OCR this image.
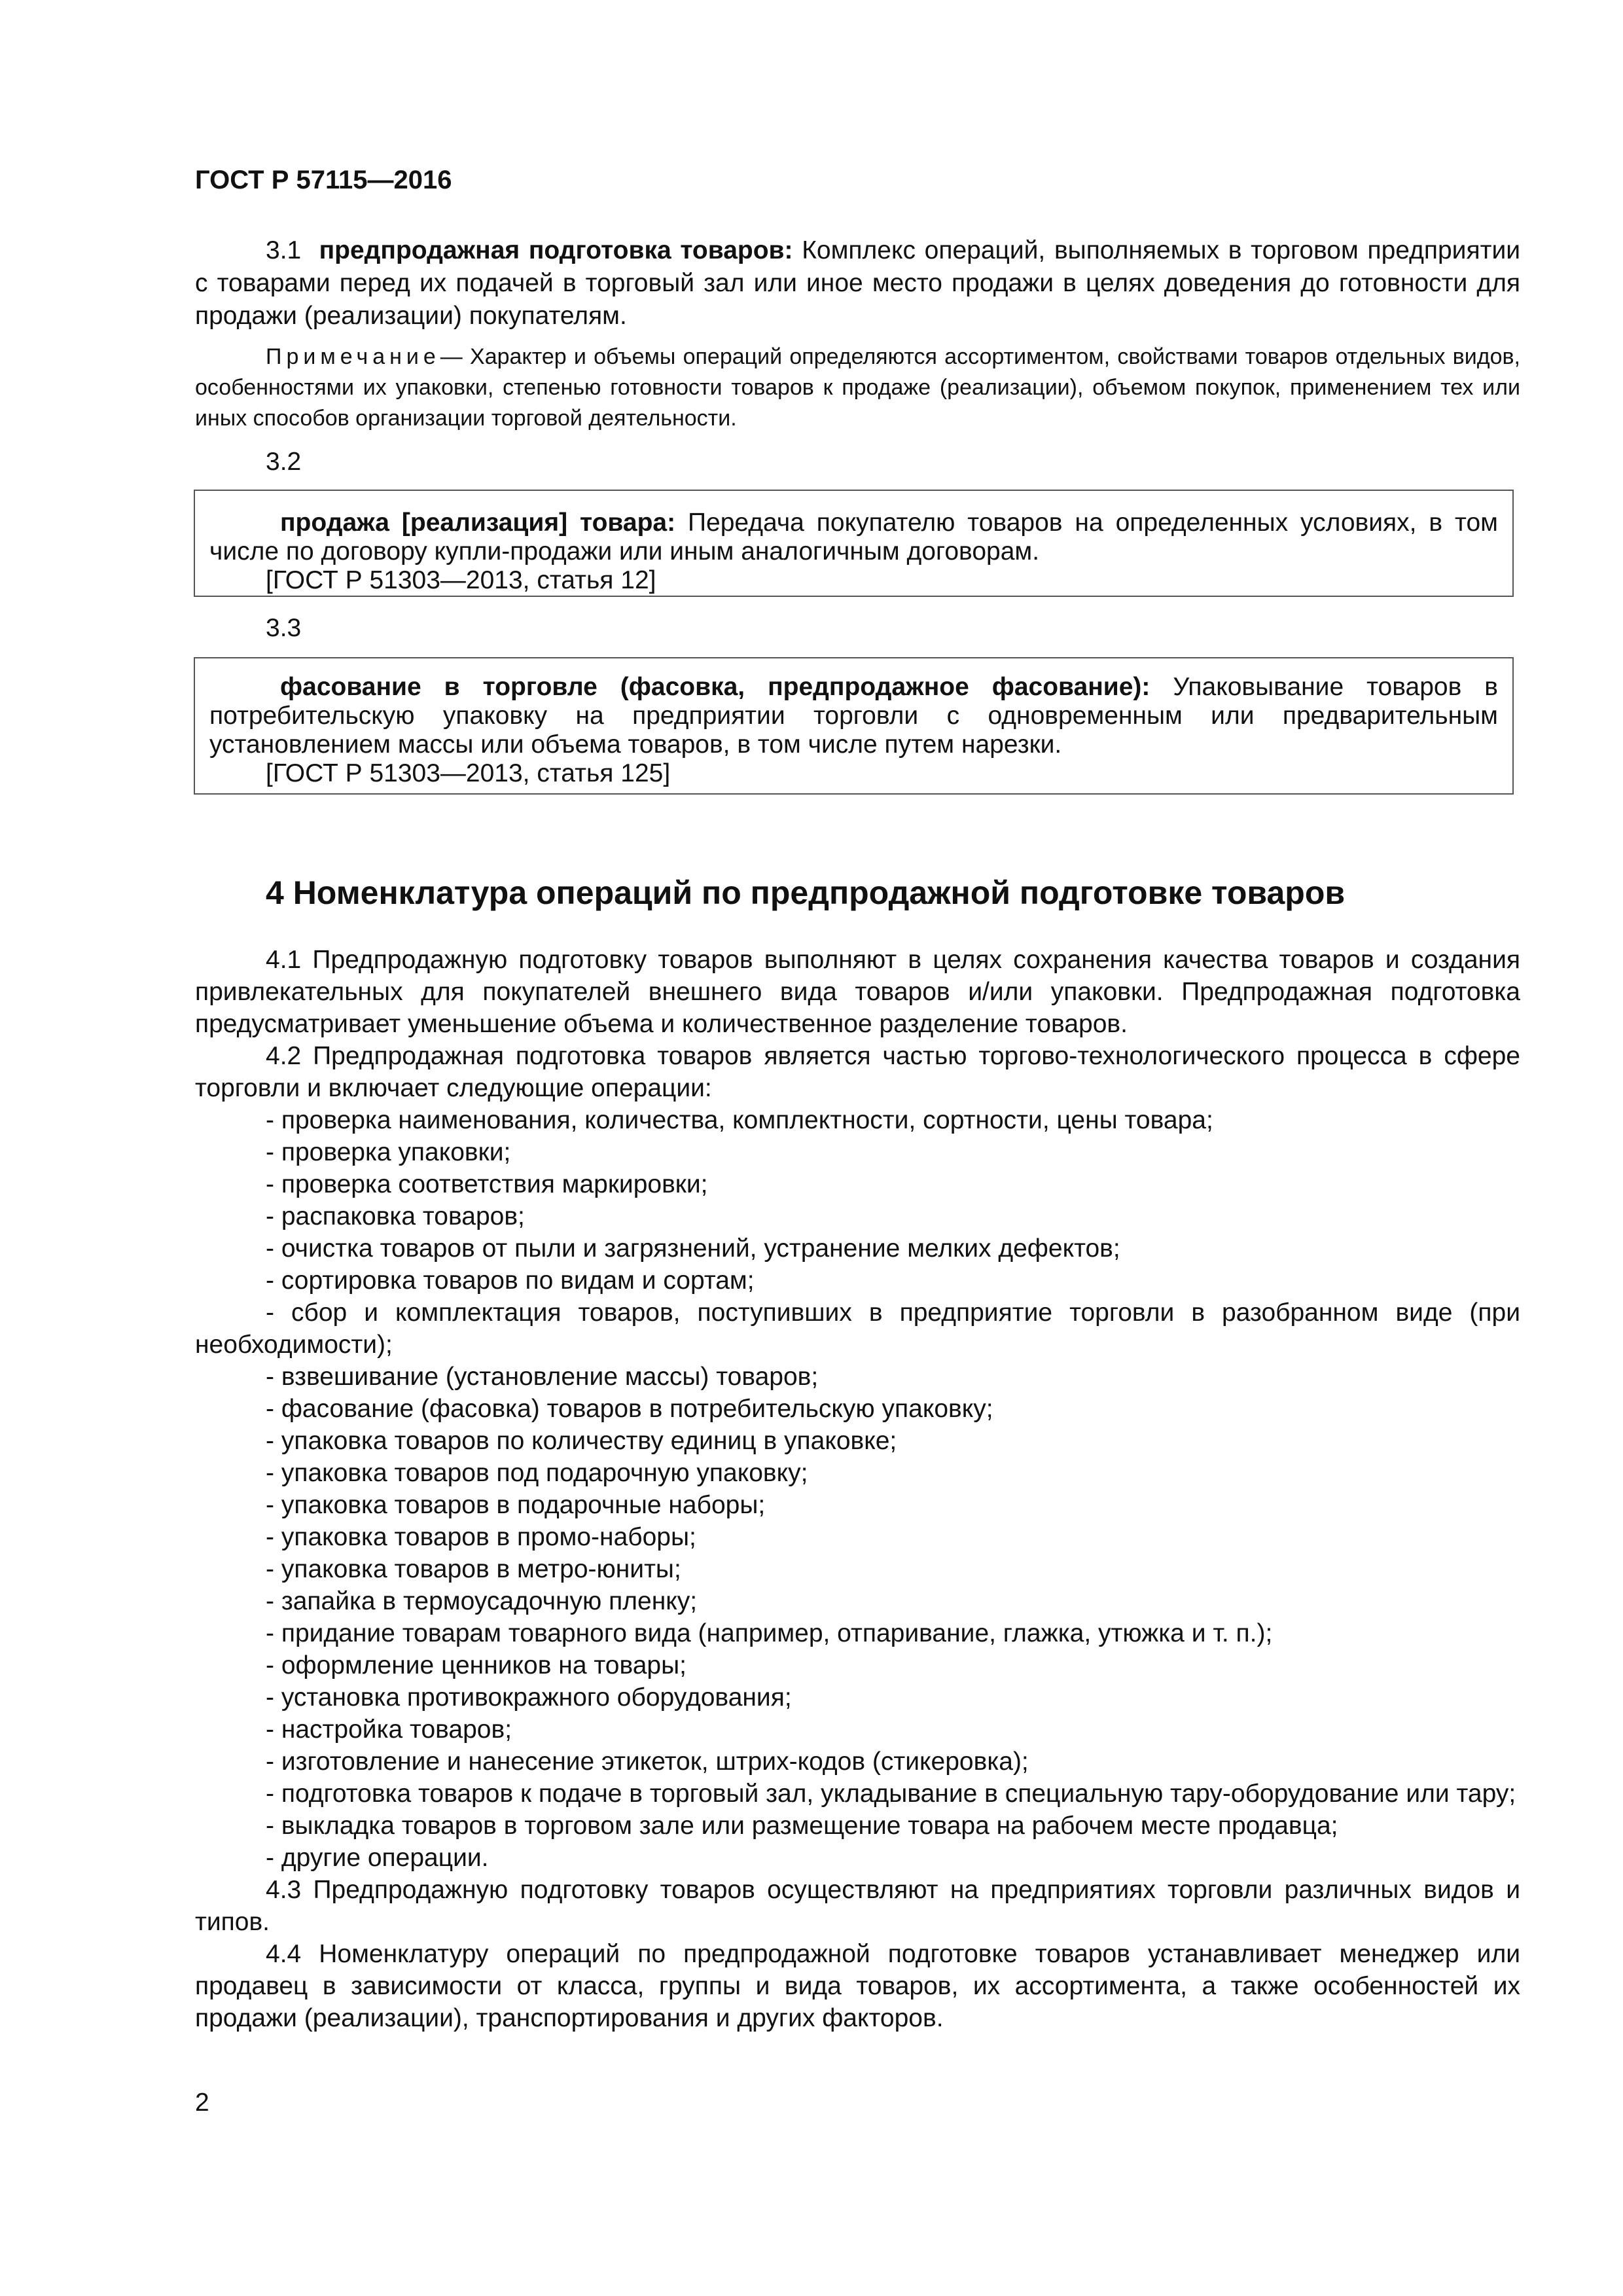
ГОСТ Р 57115—2016

3.1 предпродажная подготовка товаров: Комплекс операций, выполняемых в торговом предприятии с товарами перед их подачей в торговый зал или иное место продажи в целях доведения до готовности для продажи (реализации) покупателям.

Примечание— Характер и объемы операций определяются ассортиментом, свойствами товаров отдельных видов, особенностями их упаковки, степенью готовности товаров к продаже (реализации), объемом покупок, применением тех или иных способов организации торговой деятельности.

3.2

продажа [реализация] товара: Передача покупателю товаров на определенных условиях, в том числе по договору купли-продажи или иным аналогичным договорам.

[ГОСТ Р 51303—2013, статья 12]

3.3

фасование в торговле (фасовка, предпродажное фасование): Упаковывание товаров в потребительскую упаковку на предприятии торговли с одновременным или предварительным установлением массы или объема товаров, в том числе путем нарезки.

[ГОСТ Р 51303—2013, статья 125]

4 Номенклатура операций по предпродажной подготовке товаров

4.1 Предпродажную подготовку товаров выполняют в целях сохранения качества товаров и создания привлекательных для покупателей внешнего вида товаров и/или упаковки. Предпродажная подготовка предусматривает уменьшение объема и количественное разделение товаров.

4.2 Предпродажная подготовка товаров является частью торгово-технологического процесса в сфере торговли и включает следующие операции:

- проверка наименования, количества, комплектности, сортности, цены товара;

- проверка упаковки;

- проверка соответствия маркировки;

- распаковка товаров;

- очистка товаров от пыли и загрязнений, устранение мелких дефектов;

- сортировка товаров по видам и сортам;

- сбор и комплектация товаров, поступивших в предприятие торговли в разобранном виде (при необходимости);

- взвешивание (установление массы) товаров;

- фасование (фасовка) товаров в потребительскую упаковку;

- упаковка товаров по количеству единиц в упаковке;

- упаковка товаров под подарочную упаковку;

- упаковка товаров в подарочные наборы;

- упаковка товаров в промо-наборы;

- упаковка товаров в метро-юниты;

- запайка в термоусадочную пленку;

- придание товарам товарного вида (например, отпаривание, глажка, утюжка и т. п.);

- оформление ценников на товары;

- установка противокражного оборудования;

- настройка товаров;

- изготовление и нанесение этикеток, штрих-кодов (стикеровка);

- подготовка товаров к подаче в торговый зал, укладывание в специальную тару-оборудование или тару;

- выкладка товаров в торговом зале или размещение товара на рабочем месте продавца;

- другие операции.

4.3 Предпродажную подготовку товаров осуществляют на предприятиях торговли различных видов и типов.

4.4 Номенклатуру операций по предпродажной подготовке товаров устанавливает менеджер или продавец в зависимости от класса, группы и вида товаров, их ассортимента, а также особенностей их продажи (реализации), транспортирования и других факторов.

2
